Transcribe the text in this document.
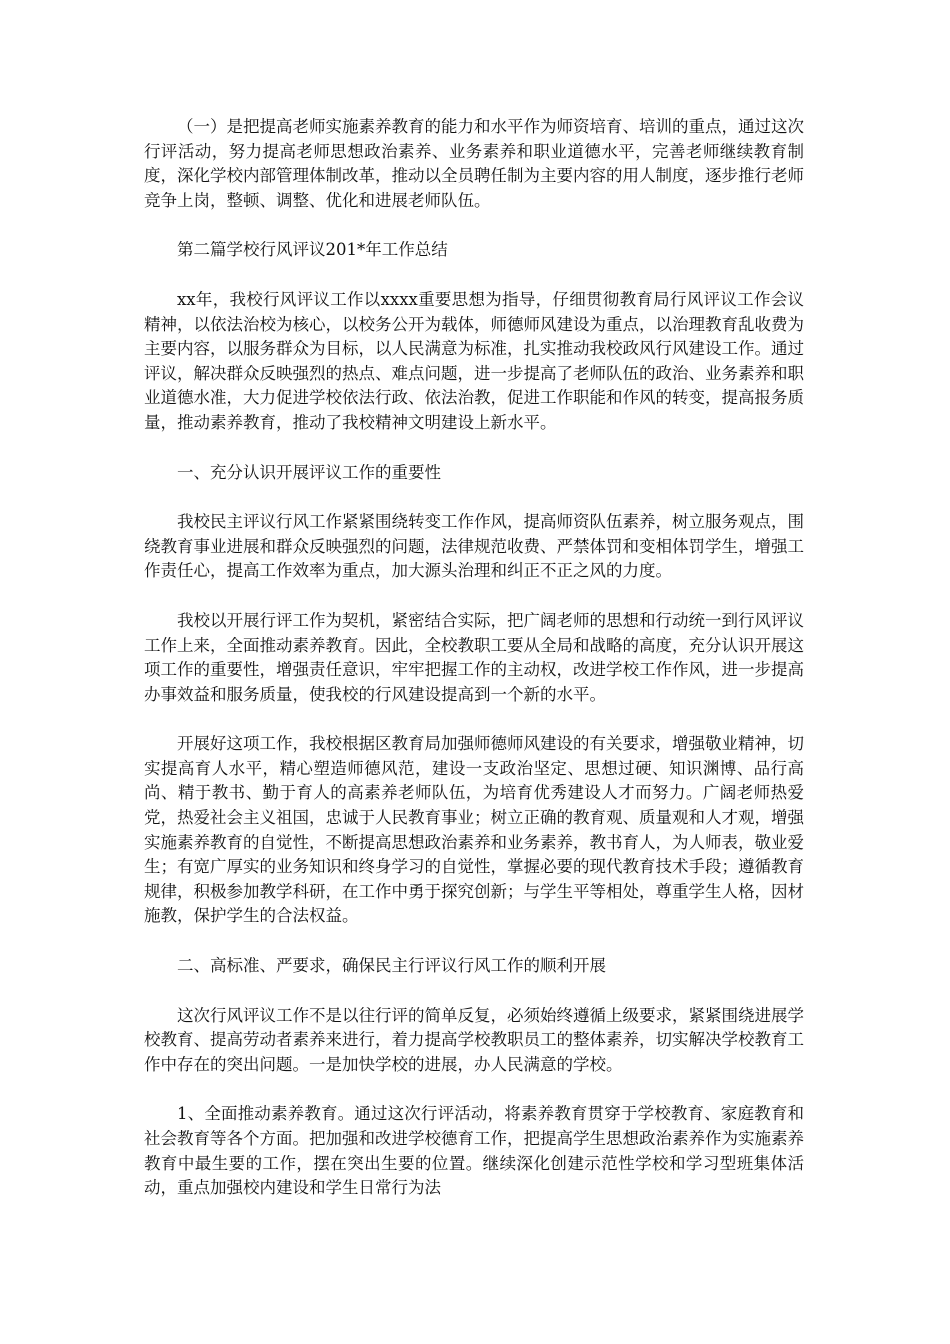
（一）是把提高老师实施素养教育的能力和水平作为师资培育、培训的重点，通过这次行评活动，努力提高老师思想政治素养、业务素养和职业道德水平，完善老师继续教育制度，深化学校内部管理体制改革，推动以全员聘任制为主要内容的用人制度，逐步推行老师竞争上岗，整顿、调整、优化和进展老师队伍。

第二篇学校行风评议201*年工作总结

xx年，我校行风评议工作以xxxx重要思想为指导，仔细贯彻教育局行风评议工作会议精神，以依法治校为核心，以校务公开为载体，师德师风建设为重点，以治理教育乱收费为主要内容，以服务群众为目标，以人民满意为标准，扎实推动我校政风行风建设工作。通过评议，解决群众反映强烈的热点、难点问题，进一步提高了老师队伍的政治、业务素养和职业道德水准，大力促进学校依法行政、依法治教，促进工作职能和作风的转变，提高报务质量，推动素养教育，推动了我校精神文明建设上新水平。

一、充分认识开展评议工作的重要性

我校民主评议行风工作紧紧围绕转变工作作风，提高师资队伍素养，树立服务观点，围绕教育事业进展和群众反映强烈的问题，法律规范收费、严禁体罚和变相体罚学生，增强工作责任心，提高工作效率为重点，加大源头治理和纠正不正之风的力度。

我校以开展行评工作为契机，紧密结合实际，把广阔老师的思想和行动统一到行风评议工作上来，全面推动素养教育。因此，全校教职工要从全局和战略的高度，充分认识开展这项工作的重要性，增强责任意识，牢牢把握工作的主动权，改进学校工作作风，进一步提高办事效益和服务质量，使我校的行风建设提高到一个新的水平。

开展好这项工作，我校根据区教育局加强师德师风建设的有关要求，增强敬业精神，切实提高育人水平，精心塑造师德风范，建设一支政治坚定、思想过硬、知识渊博、品行高尚、精于教书、勤于育人的高素养老师队伍，为培育优秀建设人才而努力。广阔老师热爱党，热爱社会主义祖国，忠诚于人民教育事业；树立正确的教育观、质量观和人才观，增强实施素养教育的自觉性，不断提高思想政治素养和业务素养，教书育人，为人师表，敬业爱生；有宽广厚实的业务知识和终身学习的自觉性，掌握必要的现代教育技术手段；遵循教育规律，积极参加教学科研，在工作中勇于探究创新；与学生平等相处，尊重学生人格，因材施教，保护学生的合法权益。

二、高标准、严要求，确保民主行评议行风工作的顺利开展

这次行风评议工作不是以往行评的简单反复，必须始终遵循上级要求，紧紧围绕进展学校教育、提高劳动者素养来进行，着力提高学校教职员工的整体素养，切实解决学校教育工作中存在的突出问题。一是加快学校的进展，办人民满意的学校。

1、全面推动素养教育。通过这次行评活动，将素养教育贯穿于学校教育、家庭教育和社会教育等各个方面。把加强和改进学校德育工作，把提高学生思想政治素养作为实施素养教育中最生要的工作，摆在突出生要的位置。继续深化创建示范性学校和学习型班集体活动，重点加强校内建设和学生日常行为法
